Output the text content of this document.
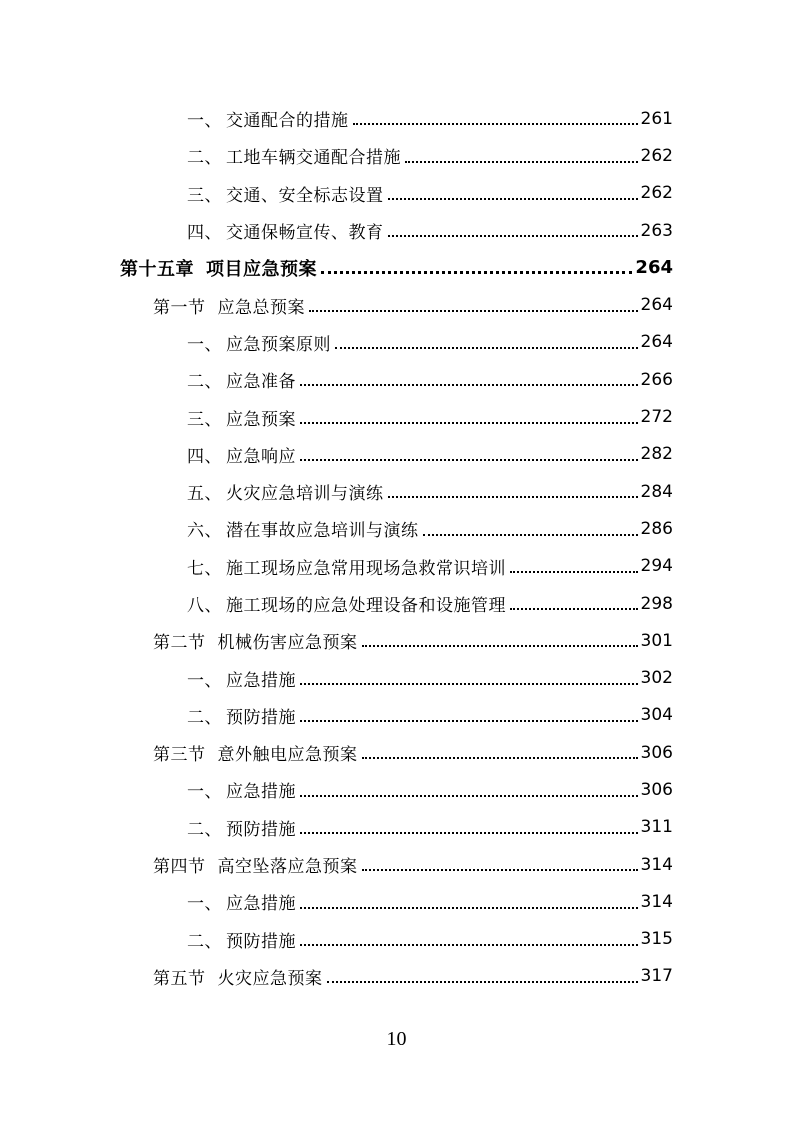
一、 交通配合的措施	261
二、 工地车辆交通配合措施	262
三、 交通、安全标志设置	262
四、 交通保畅宣传、教育	263
第十五章 项目应急预案	264
第一节 应急总预案	264
一、 应急预案原则	264
二、 应急准备	266
三、 应急预案	272
四、 应急响应	282
五、 火灾应急培训与演练	284
六、 潜在事故应急培训与演练	286
七、 施工现场应急常用现场急救常识培训	294
八、 施工现场的应急处理设备和设施管理	298
第二节 机械伤害应急预案	301
一、 应急措施	302
二、 预防措施	304
第三节 意外触电应急预案	306
一、 应急措施	306
二、 预防措施	311
第四节 高空坠落应急预案	314
一、 应急措施	314
二、 预防措施	315
第五节 火灾应急预案	317
10
